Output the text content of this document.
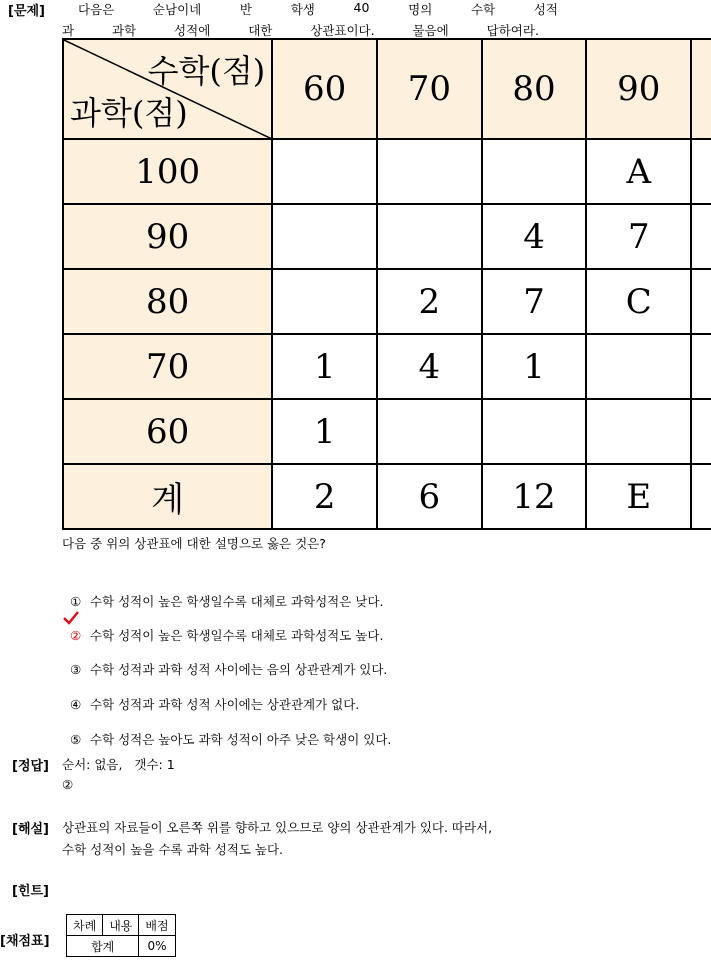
[문제]	다음은	순남이네	반	학생	40	명의	수학	성적
과	과학	성적에	대한	상관표이다.	물음에	답하여라.
수학(점)
과학(점)	60	70	80	90	
100				A	
90			4	7	
80		2	7	C	
70	1	4	1		
60	1				
계	2	6	12	E	
다음 중 위의 상관표에 대한 설명으로 옳은 것은?

① 수학 성적이 높은 학생일수록 대체로 과학성적은 낮다.

② 수학 성적이 높은 학생일수록 대체로 과학성적도 높다.

③ 수학 성적과 과학 성적 사이에는 음의 상관관계가 있다.

④ 수학 성적과 과학 성적 사이에는 상관관계가 없다.

⑤ 수학 성적은 높아도 과학 성적이 아주 낮은 학생이 있다.

[정답] 순서: 없음,   갯수: 1
②
[해설] 상관표의 자료들이 오른쪽 위를 향하고 있으므로 양의 상관관계가 있다. 따라서,
수학 성적이 높을 수록 과학 성적도 높다.
[힌트]
[채점표]
차례	내용	배점
합계		0%
